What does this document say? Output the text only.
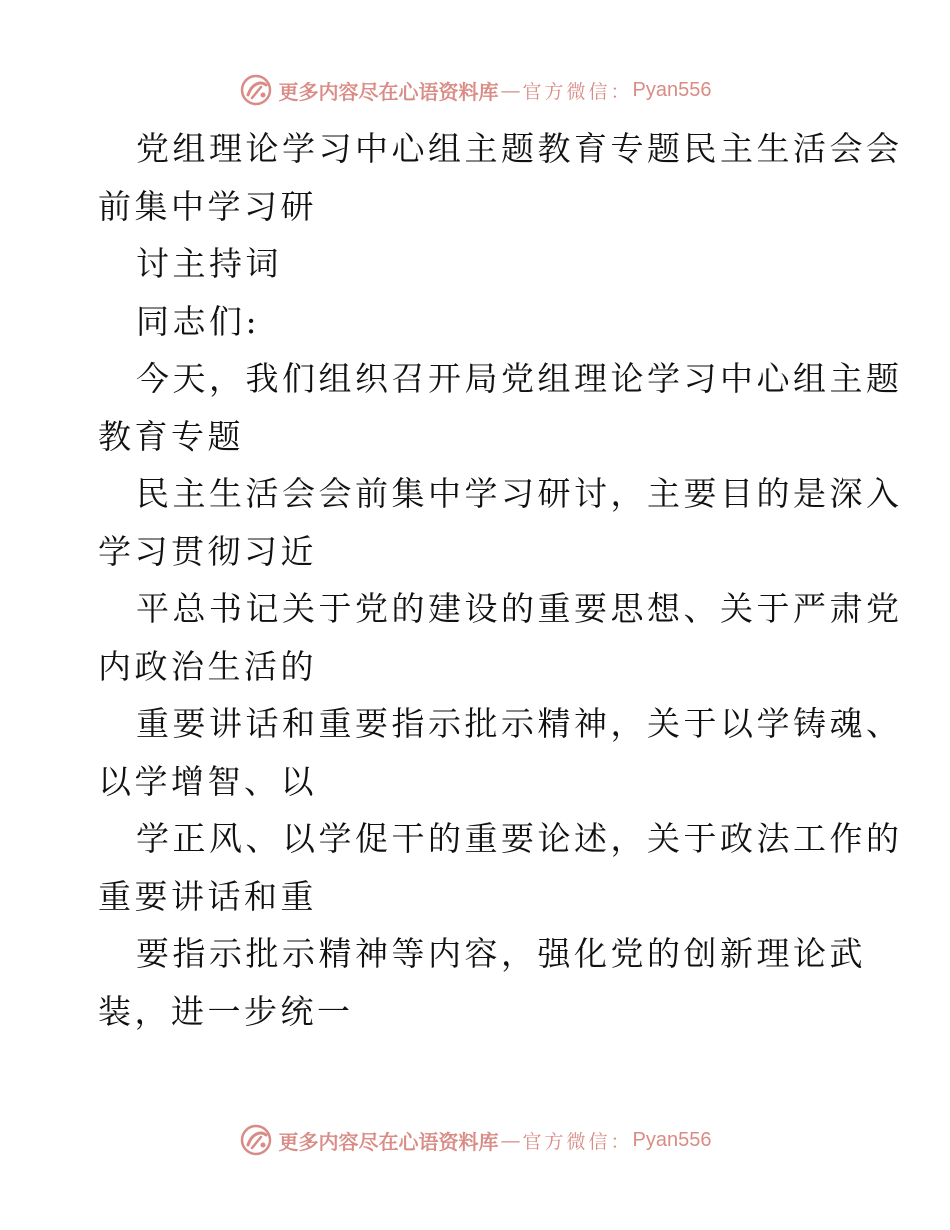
更多内容尽在心语资料库 — 官方微信： Pyan556
党组理论学习中心组主题教育专题民主生活会会
前集中学习研
讨主持词
同志们:
今天，我们组织召开局党组理论学习中心组主题
教育专题
民主生活会会前集中学习研讨，主要目的是深入
学习贯彻习近
平总书记关于党的建设的重要思想、关于严肃党
内政治生活的
重要讲话和重要指示批示精神，关于以学铸魂、
以学增智、以
学正风、以学促干的重要论述，关于政法工作的
重要讲话和重
要指示批示精神等内容，强化党的创新理论武
装，进一步统一
更多内容尽在心语资料库 — 官方微信： Pyan556
